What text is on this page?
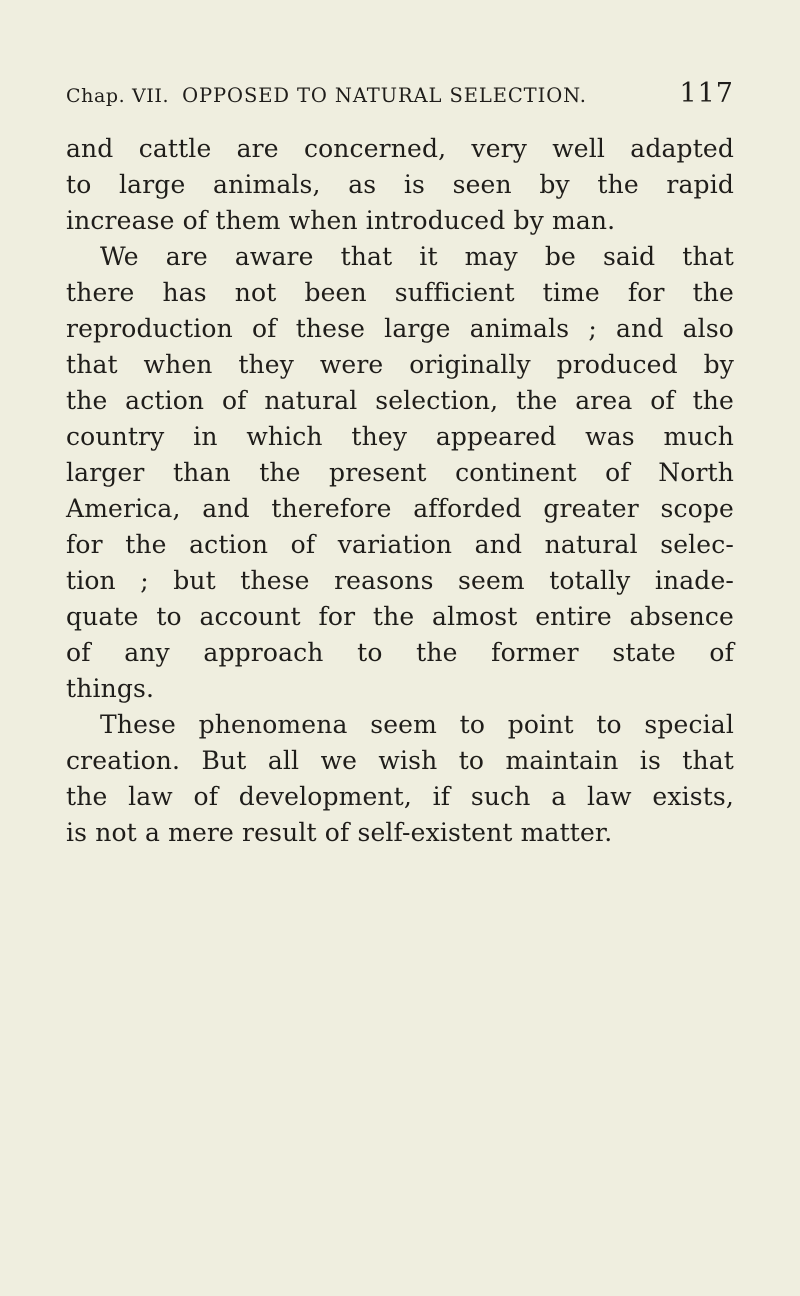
Chap. VII. OPPOSED TO NATURAL SELECTION.	117
and cattle are concerned, very well adapted
to large animals, as is seen by the rapid
increase of them when introduced by man.
We are aware that it may be said that
there has not been sufficient time for the
reproduction of these large animals ; and also
that when they were originally produced by
the action of natural selection, the area of the
country in which they appeared was much
larger than the present continent of North
America, and therefore afforded greater scope
for the action of variation and natural selec-
tion ; but these reasons seem totally inade-
quate to account for the almost entire absence
of any approach to the former state of
things.
These phenomena seem to point to special
creation. But all we wish to maintain is that
the law of development, if such a law exists,
is not a mere result of self-existent matter.
